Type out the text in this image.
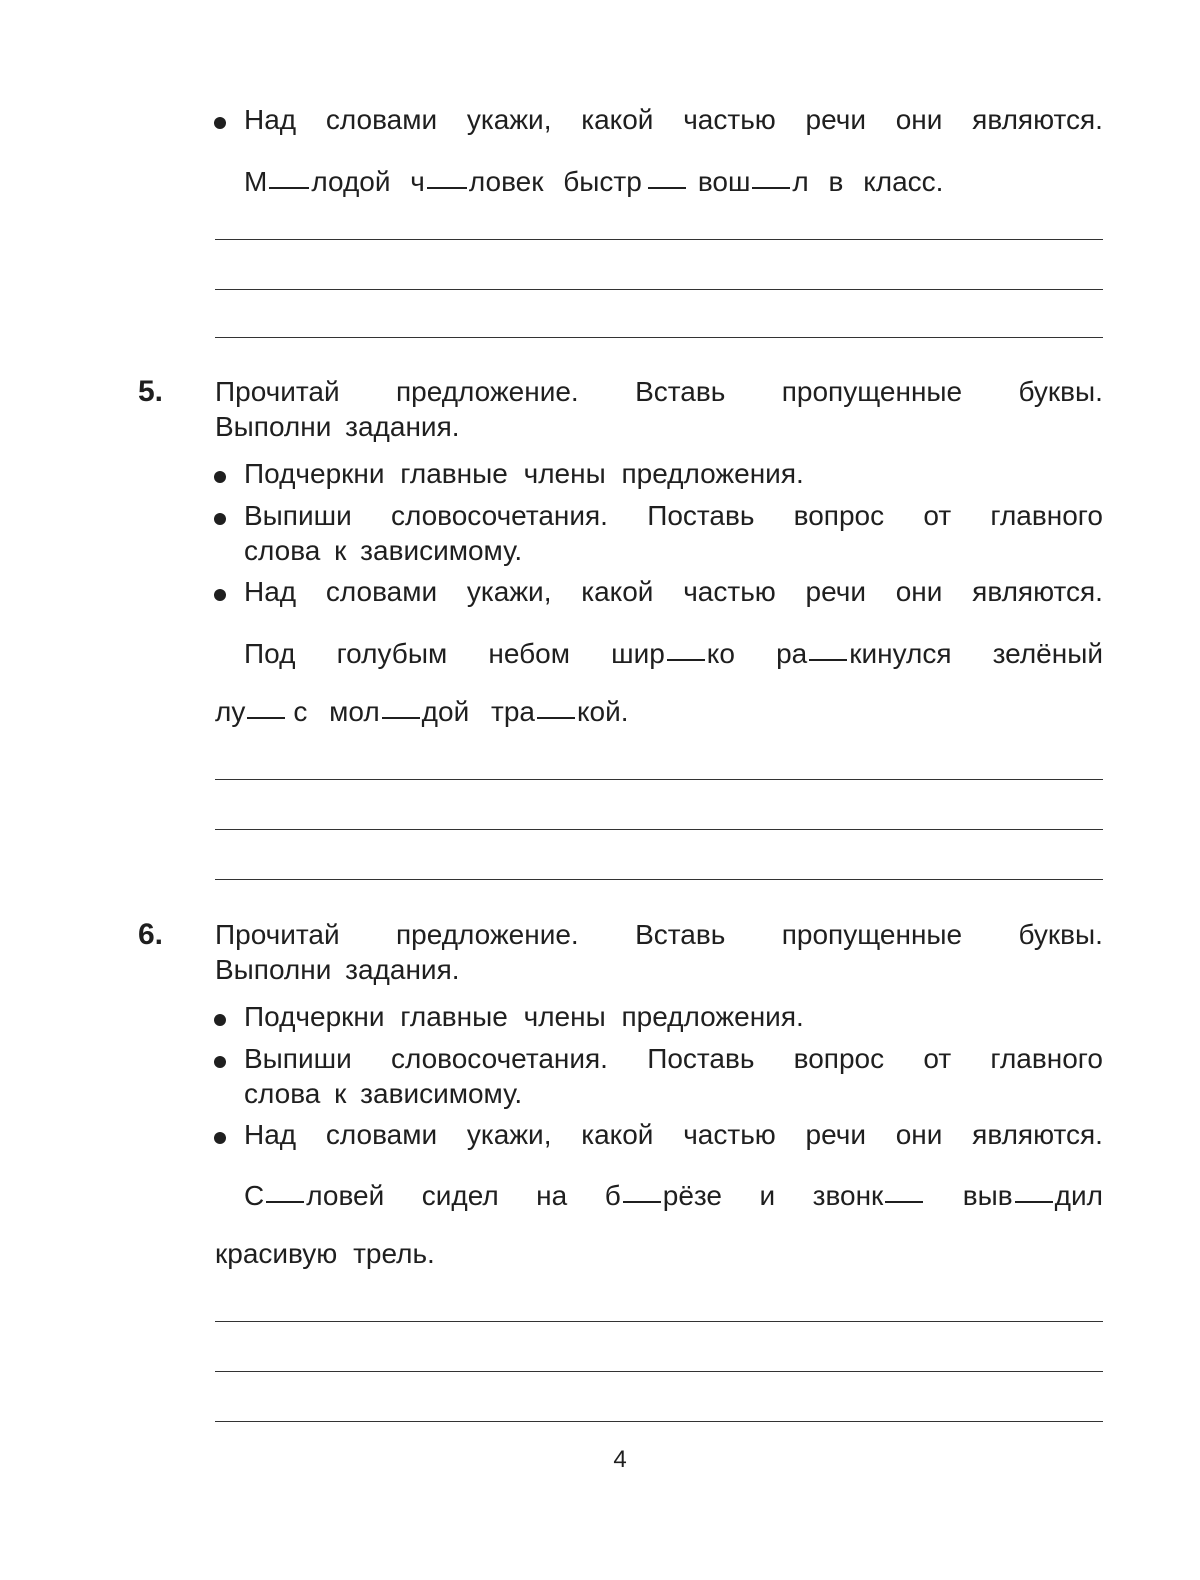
Над словами укажи, какой частью речи они являются.
М лодой ч ловек быстр вош л в класс.
5. Прочитай предложение. Вставь пропущенные буквы.
Выполни задания.
Подчеркни главные члены предложения.
Выпиши словосочетания. Поставь вопрос от главного
слова к зависимому.
Над словами укажи, какой частью речи они являются.
Под голубым небом шир ко ра кинулся зелёный
лу с мол дой тра кой.
6. Прочитай предложение. Вставь пропущенные буквы.
Выполни задания.
Подчеркни главные члены предложения.
Выпиши словосочетания. Поставь вопрос от главного
слова к зависимому.
Над словами укажи, какой частью речи они являются.
С ловей сидел на б рёзе и звонк	выв дил
красивую трель.
4
